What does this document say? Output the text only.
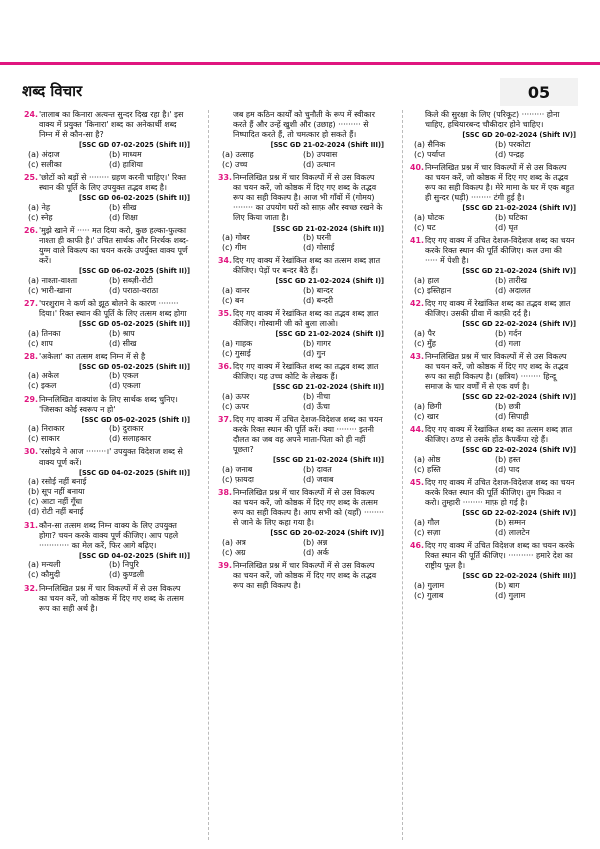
शब्द विचार	05
24. 'तालाब का किनारा अत्यन्त सुन्दर दिख रहा है।' इस वाक्य में प्रयुक्त 'किनारा' शब्द का अनेकार्थी शब्द निम्न में से कौन-सा है?
[SSC GD 07-02-2025 (Shift II)]
(a) अंदाज	(b) माध्यम
(c) सलीका	(d) हाशिया
25. 'छोटों को बड़ों से ········ ग्रहण करनी चाहिए।' रिक्त स्थान की पूर्ति के लिए उपयुक्त तद्भव शब्द है।
[SSC GD 06-02-2025 (Shift II)]
(a) नेह	(b) सीख
(c) स्नेह	(d) शिक्षा
26. 'मुझे खाने में ····· मत दिया करो, कुछ हल्का-फुल्का नाश्ता ही काफी है।' उचित सार्थक और निरर्थक शब्द-युग्म वाले विकल्प का चयन करके उपर्युक्त वाक्य पूर्ण करें।
[SSC GD 06-02-2025 (Shift II)]
(a) नाश्ता-वाश्ता	(b) सब्ज़ी-रोटी
(c) भारी-खाना	(d) पराठा-वराठा
27. 'परशुराम ने कर्ण को झूठ बोलने के कारण ········ दिया।' रिक्त स्थान की पूर्ति के लिए तत्सम शब्द होगा
[SSC GD 05-02-2025 (Shift II)]
(a) तिनका	(b) श्राप
(c) शाप	(d) सीख
28. 'अकेला' का तत्सम शब्द निम्न में से है
[SSC GD 05-02-2025 (Shift II)]
(a) अकेल	(b) एकल
(c) इकल	(d) एकला
29. निम्नलिखित वाक्यांश के लिए सार्थक शब्द चुनिए। 'जिसका कोई स्वरूप न हो'
[SSC GD 05-02-2025 (Shift I)]
(a) निराकार	(b) दुराकार
(c) साकार	(d) सलाहकार
30. 'रसोइये ने आज ········।' उपयुक्त विदेशज शब्द से वाक्य पूर्ण करें।
[SSC GD 04-02-2025 (Shift II)]
(a) रसोई नहीं बनाई
(b) सूप नहीं बनाया
(c) आटा नहीं गूँधा
(d) रोटी नहीं बनाई
31. कौन-सा तत्सम शब्द निम्न वाक्य के लिए उपयुक्त होगा? चयन करके वाक्य पूर्ण कीजिए। आप पहले ············ का मेल करें, फिर आगे बढ़िए।
[SSC GD 04-02-2025 (Shift II)]
(a) मन्यली	(b) निपुरि
(c) कौमुदी	(d) कुण्डली
32. निम्नलिखित प्रश्न में चार विकल्पों में से उस विकल्प का चयन करें, जो कोष्ठक में दिए गए शब्द के तत्सम रूप का सही अर्थ है।
जब हम कठिन कार्यों को चुनौती के रूप में स्वीकार करते हैं और उन्हें खुशी और (उछाह) ········· से निष्पादित करते हैं, तो चमत्कार हो सकते हैं।
[SSC GD 21-02-2024 (Shift III)]
(a) उत्साह	(b) उपवास
(c) उच्च	(d) उत्थान
33. निम्नलिखित प्रश्न में चार विकल्पों में से उस विकल्प का चयन करें, जो कोष्ठक में दिए गए शब्द के तद्भव रूप का सही विकल्प है। आज भी गाँवों में (गोमय) ········ का उपयोग घरों को साफ़ और स्वच्छ रखने के लिए किया जाता है।
[SSC GD 21-02-2024 (Shift II)]
(a) गोबर	(b) घरनी
(c) गीम	(d) गोसाई
34. दिए गए वाक्य में रेखांकित शब्द का तत्सम शब्द ज्ञात कीजिए। पेड़ों पर बन्दर बैठे हैं।
[SSC GD 21-02-2024 (Shift I)]
(a) वानर	(b) बान्दर
(c) बन	(d) बन्दरी
35. दिए गए वाक्य में रेखांकित शब्द का तद्भव शब्द ज्ञात कीजिए। गोस्वामी जी को बुला लाओ।
[SSC GD 21-02-2024 (Shift I)]
(a) गाहक	(b) गागर
(c) गुसाई	(d) गुन
36. दिए गए वाक्य में रेखांकित शब्द का तद्भव शब्द ज्ञात कीजिए। यह उच्च कोटि के लेखक हैं।
[SSC GD 21-02-2024 (Shift II)]
(a) ऊपर	(b) नीचा
(c) ऊपर	(d) ऊँचा
37. दिए गए वाक्य में उचित देशज-विदेशज शब्द का चयन करके रिक्त स्थान की पूर्ति करें। क्या ········ इतनी दौलत का जब वह अपने माता-पिता को ही नहीं पूछता?
[SSC GD 21-02-2024 (Shift II)]
(a) जनाब	(b) दावत
(c) फ़ायदा	(d) जवाब
38. निम्नलिखित प्रश्न में चार विकल्पों में से उस विकल्प का चयन करें, जो कोष्ठक में दिए गए शब्द के तत्सम रूप का सही विकल्प है। आप सभी को (यहाँ) ········ से जाने के लिए कहा गया है।
[SSC GD 20-02-2024 (Shift IV)]
(a) अत्र	(b) अन्न
(c) अग्र	(d) अर्क
39. निम्नलिखित प्रश्न में चार विकल्पों में से उस विकल्प का चयन करें, जो कोष्ठक में दिए गए शब्द के तद्भव रूप का सही विकल्प है।
किले की सुरक्षा के लिए (परिकूट) ········· होना चाहिए, हथियारबन्द चौकीदार होने चाहिए।
[SSC GD 20-02-2024 (Shift IV)]
(a) सैनिक	(b) परकोटा
(c) पर्याप्त	(d) पन्द्रह
40. निम्नलिखित प्रश्न में चार विकल्पों में से उस विकल्प का चयन करें, जो कोष्ठक में दिए गए शब्द के तद्भव रूप का सही विकल्प है। मेरे मामा के घर में एक बहुत ही सुन्दर (घड़ी) ········ टंगी हुई है।
[SSC GD 21-02-2024 (Shift IV)]
(a) घोटक	(b) घटिका
(c) घट	(d) घृत
41. दिए गए वाक्य में उचित देशज-विदेशज शब्द का चयन करके रिक्त स्थान की पूर्ति कीजिए। कल उमा की ····· में पेशी है।
[SSC GD 21-02-2024 (Shift IV)]
(a) हाल	(b) तारीख
(c) इस्तिहान	(d) अदालत
42. दिए गए वाक्य में रेखांकित शब्द का तद्भव शब्द ज्ञात कीजिए। उसकी ग्रीवा में काफ़ी दर्द है।
[SSC GD 22-02-2024 (Shift IV)]
(a) पैर	(b) गर्दन
(c) मुँह	(d) गला
43. निम्नलिखित प्रश्न में चार विकल्पों में से उस विकल्प का चयन करें, जो कोष्ठक में दिए गए शब्द के तद्भव रूप का सही विकल्प है। (क्षत्रिय) ········ हिन्दू समाज के चार वर्णों में से एक वर्ण है।
[SSC GD 22-02-2024 (Shift IV)]
(a) छिगी	(b) छत्री
(c) खार	(d) सिपाही
44. दिए गए वाक्य में रेखांकित शब्द का तत्सम शब्द ज्ञात कीजिए। ठण्ड से उसके होंठ कैपकँपा रहे हैं।
[SSC GD 22-02-2024 (Shift IV)]
(a) ओष्ठ	(b) हस्त
(c) हस्ति	(d) पाद
45. दिए गए वाक्य में उचित देशज-विदेशज शब्द का चयन करके रिक्त स्थान की पूर्ति कीजिए। तुम फिक्रा न करो। तुम्हारी ········ माफ़ हो गई है।
[SSC GD 22-02-2024 (Shift IV)]
(a) गौल	(b) सम्मन
(c) सज़ा	(d) लालटेन
46. दिए गए वाक्य में उचित विदेशज शब्द का चयन करके रिक्त स्थान की पूर्ति कीजिए। ·········· हमारे देश का राष्ट्रीय फूल है।
[SSC GD 22-02-2024 (Shift III)]
(a) गुलाम	(b) बाग
(c) गुलाब	(d) गुलाम
